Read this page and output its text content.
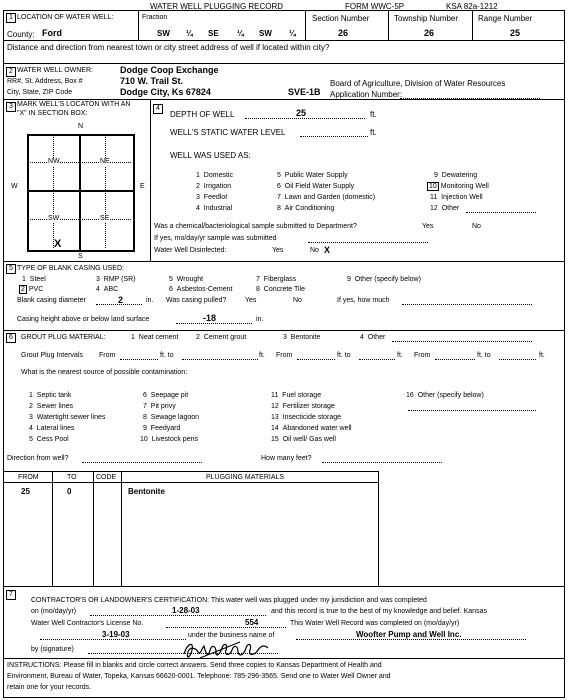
WATER WELL PLUGGING RECORD	FORM WWC-5P	KSA 82a-1212
1 LOCATION OF WATER WELL:	Fraction	Section Number	Township Number Range Number
County: Ford	SW ¼ SE ¼ SW ¼	26	26	25
Distance and direction from nearest town or city street address of well if located within city?
2 WATER WELL OWNER:	Dodge Coop Exchange
RR#, St. Address, Box #	710 W. Trail St.
City, State, ZIP Code	Dodge City, Ks 67824	SVE-1B
Board of Agriculture, Division of Water Resources
Application Number:
3 MARK WELL'S LOCATON WITH AN
"X" IN SECTION BOX:
N
S
W	E
NW	NE
SW	SE
X
4
DEPTH OF WELL	25	ft.
WELL'S STATIC WATER LEVEL	ft.
WELL WAS USED AS:
1 Domestic
2 Irrigation
3 Feedlot
4 Industrial
5 Public Water Supply
6 Oil Field Water Supply
7 Lawn and Garden (domestic)
8 Air Conditioning
9 Dewatering
10 Monitoring Well
11 Injection Well
12 Other
Was a chemical/bacteriological sample submitted to Department?	Yes	No
If yes, mo/day/yr sample was submitted
Water Well Disinfected:	Yes	No X
5 TYPE OF BLANK CASING USED:
1 Steel
2 PVC
3 RMP (SR)
4 ABC
5 Wrought
6 Asbestos-Cement
7 Fiberglass
8 Concrete Tile
9 Other (specify below)
Blank casing diameter	2	in. Was casing pulled?	Yes	No	If yes, how much
Casing height above or below land surface	-18	in.
6	GROUT PLUG MATERIAL:	1 Neat cement	2 Cement grout	3 Bentonite	4 Other
Grout Plug Intervals From	ft. to	ft. From	ft. to	ft. From	ft. to	ft.
What is the nearest source of possible contamination:
1 Septic tank
2 Sewer lines
3 Watertight sewer lines
4 Lateral lines
5 Cess Pool
6 Seepage pit
7 Pit privy
8 Sewage lagoon
9 Feedyard
10 Livestock pens
11 Fuel storage
12 Fertilizer storage
13 Insecticide storage
14 Abandoned water well
15 Oil well/ Gas well
16 Other (specify below)
Direction from well?	How many feet?
FROM	TO	CODE	PLUGGING MATERIALS
25	0	Bentonite
7
CONTRACTOR'S OR LANDOWNER'S CERTIFICATION: This water well was plugged under my jurisdiction and was completed
on (mo/day/yr)	1-28-03	and this record is true to the best of my knowledge and belief. Kansas
Water Well Contractor's License No.	554	This Water Well Record was completed on (mo/day/yr)
3-19-03	under the business name of	Woofter Pump and Well Inc.
by (signature)
INSTRUCTIONS: Please fill in blanks and circle correct answers. Send three copies to Kansas Department of Health and
Environment, Bureau of Water, Topeka, Kansas 66620-0001. Telephone: 785-296-3565. Send one to Water Well Owner and
retain one for your records.
